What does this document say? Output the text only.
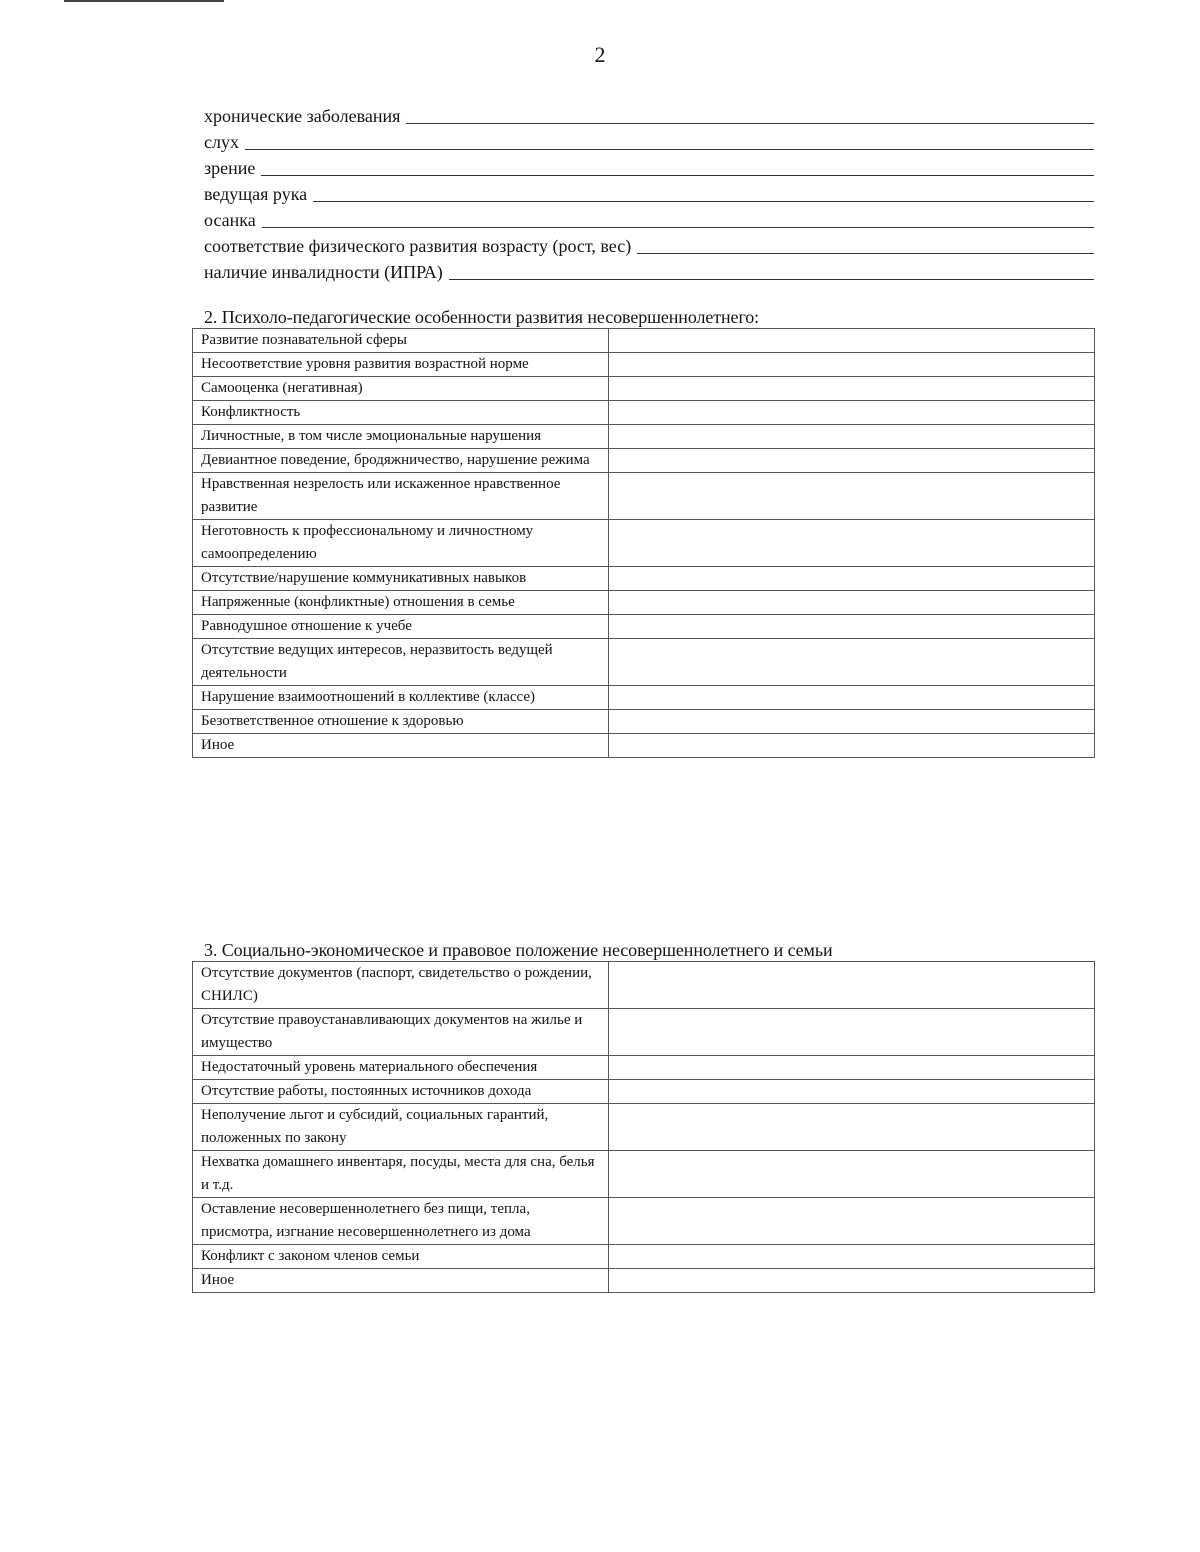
2
хронические заболевания
слух
зрение
ведущая рука
осанка
соответствие физического развития возрасту (рост, вес)
наличие инвалидности (ИПРА)
2. Психоло-педагогические особенности развития несовершеннолетнего:
Развитие познавательной сферы	
Несоответствие уровня развития возрастной норме	
Самооценка (негативная)	
Конфликтность	
Личностные, в том числе эмоциональные нарушения	
Девиантное поведение, бродяжничество, нарушение режима	
Нравственная незрелость или искаженное нравственное развитие	
Неготовность к профессиональному и личностному самоопределению	
Отсутствие/нарушение коммуникативных навыков	
Напряженные (конфликтные) отношения в семье	
Равнодушное отношение к учебе	
Отсутствие ведущих интересов, неразвитость ведущей деятельности	
Нарушение взаимоотношений в коллективе (классе)	
Безответственное отношение к здоровью	
Иное	
3. Социально-экономическое и правовое положение несовершеннолетнего и семьи
Отсутствие документов (паспорт, свидетельство о рождении, СНИЛС)	
Отсутствие правоустанавливающих документов на жилье и имущество	
Недостаточный уровень материального обеспечения	
Отсутствие работы, постоянных источников дохода	
Неполучение льгот и субсидий, социальных гарантий, положенных по закону	
Нехватка домашнего инвентаря, посуды, места для сна, белья и т.д.	
Оставление несовершеннолетнего без пищи, тепла, присмотра, изгнание несовершеннолетнего из дома	
Конфликт с законом членов семьи	
Иное	
